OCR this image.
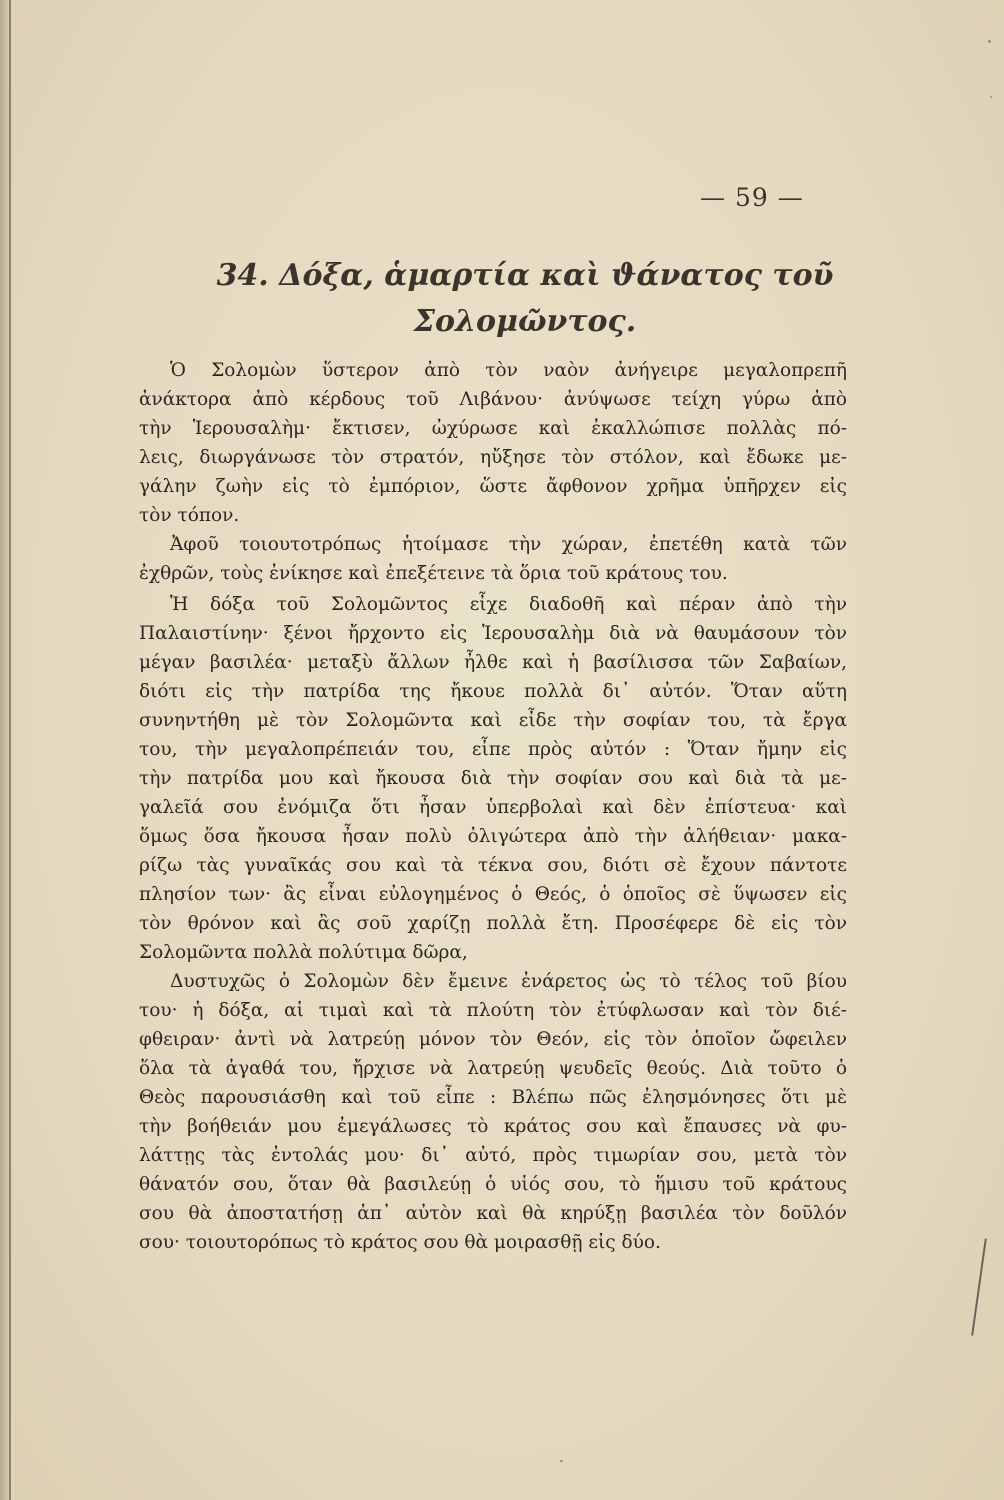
— 59 —
34. Δόξα, ἁμαρτία καὶ ϑάνατος τοῦ
Σολομῶντος.
Ὁ Σολομὼν ὕστερον ἀπὸ τὸν ναὸν ἀνήγειρε μεγαλοπρεπῆ
ἀνάκτορα ἀπὸ κέρδους τοῦ Λιβάνου· ἀνύψωσε τείχη γύρω ἀπὸ
τὴν Ἱερουσαλὴμ· ἔκτισεν, ὠχύρωσε καὶ ἐκαλλώπισε πολλὰς πό-
λεις, διωργάνωσε τὸν στρατόν, ηὔξησε τὸν στόλον, καὶ ἔδωκε με-
γάλην ζωὴν εἰς τὸ ἐμπόριον, ὥστε ἄφθονον χρῆμα ὑπῆρχεν εἰς
τὸν τόπον.
Ἀφοῦ τοιουτοτρόπως ἡτοίμασε τὴν χώραν, ἐπετέθη κατὰ τῶν
ἐχθρῶν, τοὺς ἐνίκησε καὶ ἐπεξέτεινε τὰ ὅρια τοῦ κράτους του.
Ἡ δόξα τοῦ Σολομῶντος εἶχε διαδοθῆ καὶ πέραν ἀπὸ τὴν
Παλαιστίνην· ξένοι ἤρχοντο εἰς Ἱερουσαλὴμ διὰ νὰ θαυμάσουν τὸν
μέγαν βασιλέα· μεταξὺ ἄλλων ἦλθε καὶ ἡ βασίλισσα τῶν Σαβαίων,
διότι εἰς τὴν πατρίδα της ἤκουε πολλὰ δι᾽ αὐτόν. Ὅταν αὕτη
συνηντήθη μὲ τὸν Σολομῶντα καὶ εἶδε τὴν σοφίαν του, τὰ ἔργα
του, τὴν μεγαλοπρέπειάν του, εἶπε πρὸς αὐτόν : Ὅταν ἤμην εἰς
τὴν πατρίδα μου καὶ ἤκουσα διὰ τὴν σοφίαν σου καὶ διὰ τὰ με-
γαλεῖά σου ἐνόμιζα ὅτι ἦσαν ὑπερβολαὶ καὶ δὲν ἐπίστευα· καὶ
ὅμως ὅσα ἤκουσα ἦσαν πολὺ ὀλιγώτερα ἀπὸ τὴν ἀλήθειαν· μακα-
ρίζω τὰς γυναῖκάς σου καὶ τὰ τέκνα σου, διότι σὲ ἔχουν πάντοτε
πλησίον των· ἂς εἶναι εὐλογημένος ὁ Θεός, ὁ ὁποῖος σὲ ὕψωσεν εἰς
τὸν θρόνον καὶ ἂς σοῦ χαρίζῃ πολλὰ ἔτη. Προσέφερε δὲ εἰς τὸν
Σολομῶντα πολλὰ πολύτιμα δῶρα,
Δυστυχῶς ὁ Σολομὼν δὲν ἔμεινε ἐνάρετος ὡς τὸ τέλος τοῦ βίου
του· ἡ δόξα, αἱ τιμαὶ καὶ τὰ πλούτη τὸν ἐτύφλωσαν καὶ τὸν διέ-
φθειραν· ἀντὶ νὰ λατρεύῃ μόνον τὸν Θεόν, εἰς τὸν ὁποῖον ὤφειλεν
ὅλα τὰ ἀγαθά του, ἤρχισε νὰ λατρεύῃ ψευδεῖς θεούς. Διὰ τοῦτο ὁ
Θεὸς παρουσιάσθη καὶ τοῦ εἶπε : Βλέπω πῶς ἐλησμόνησες ὅτι μὲ
τὴν βοήθειάν μου ἐμεγάλωσες τὸ κράτος σου καὶ ἔπαυσες νὰ φυ-
λάττῃς τὰς ἐντολάς μου· δι᾽ αὐτό, πρὸς τιμωρίαν σου, μετὰ τὸν
θάνατόν σου, ὅταν θὰ βασιλεύῃ ὁ υἱός σου, τὸ ἥμισυ τοῦ κράτους
σου θὰ ἀποστατήσῃ ἀπ᾽ αὐτὸν καὶ θὰ κηρύξῃ βασιλέα τὸν δοῦλόν
σου· τοιουτορόπως τὸ κράτος σου θὰ μοιρασθῇ εἰς δύο.
